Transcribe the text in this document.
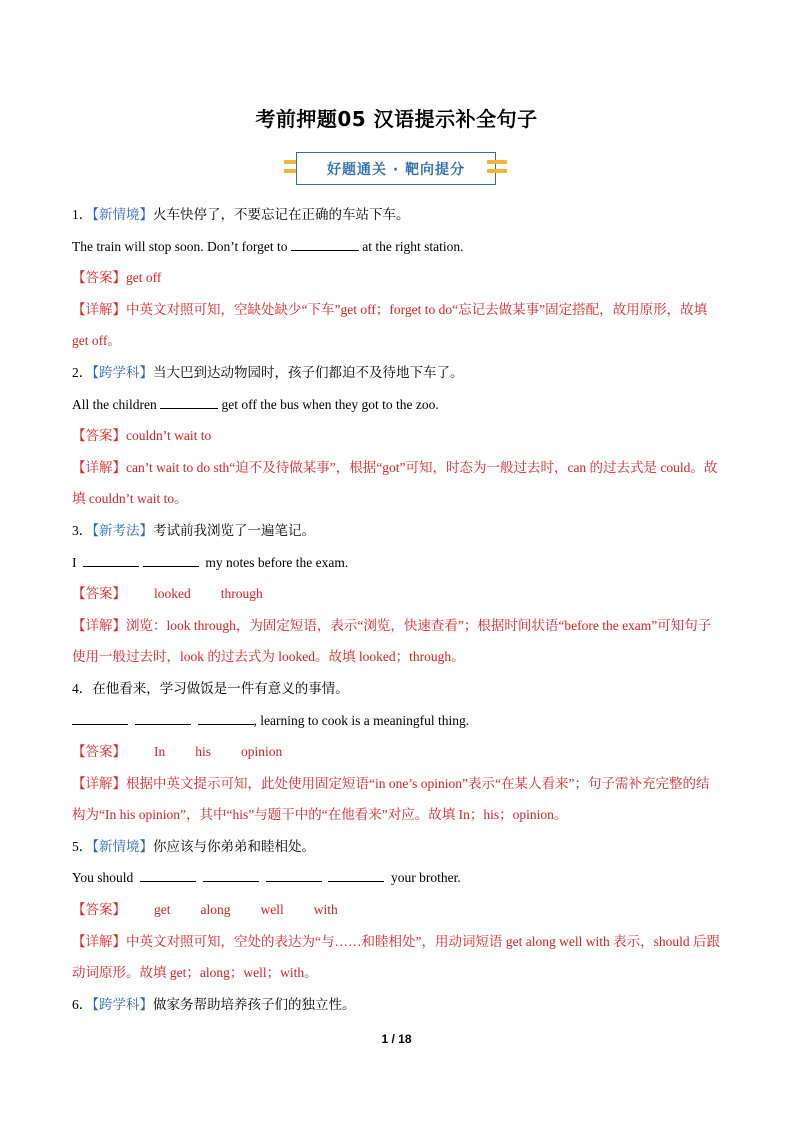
考前押题05 汉语提示补全句子
好题通关 · 靶向提分
1．【新情境】火车快停了，不要忘记在正确的车站下车。
The train will stop soon. Don’t forget to	at the right station.
【答案】get off
【详解】中英文对照可知，空缺处缺少“下车”get off；forget to do“忘记去做某事”固定搭配，故用原形，故填 get off。
2．【跨学科】当大巴到达动物园时，孩子们都迫不及待地下车了。
All the children	get off the bus when they got to the zoo.
【答案】couldn’t wait to
【详解】can’t wait to do sth“迫不及待做某事”，根据“got”可知，时态为一般过去时，can 的过去式是 could。故填 couldn’t wait to。
3．【新考法】考试前我浏览了一遍笔记。
I	my notes before the exam.
【答案】 looked through
【详解】浏览：look through，为固定短语，表示“浏览，快速查看”；根据时间状语“before the exam”可知句子使用一般过去时，look 的过去式为 looked。故填 looked；through。
4．在他看来，学习做饭是一件有意义的事情。
, learning to cook is a meaningful thing.
【答案】 In his opinion
【详解】根据中英文提示可知，此处使用固定短语“in one’s opinion”表示“在某人看来”；句子需补充完整的结构为“In his opinion”，其中“his”与题干中的“在他看来”对应。故填 In；his；opinion。
5．【新情境】你应该与你弟弟和睦相处。
You should	your brother.
【答案】 get along well with
【详解】中英文对照可知，空处的表达为“与……和睦相处”，用动词短语 get along well with 表示，should 后跟动词原形。故填 get；along；well；with。
6．【跨学科】做家务帮助培养孩子们的独立性。
1 / 18
